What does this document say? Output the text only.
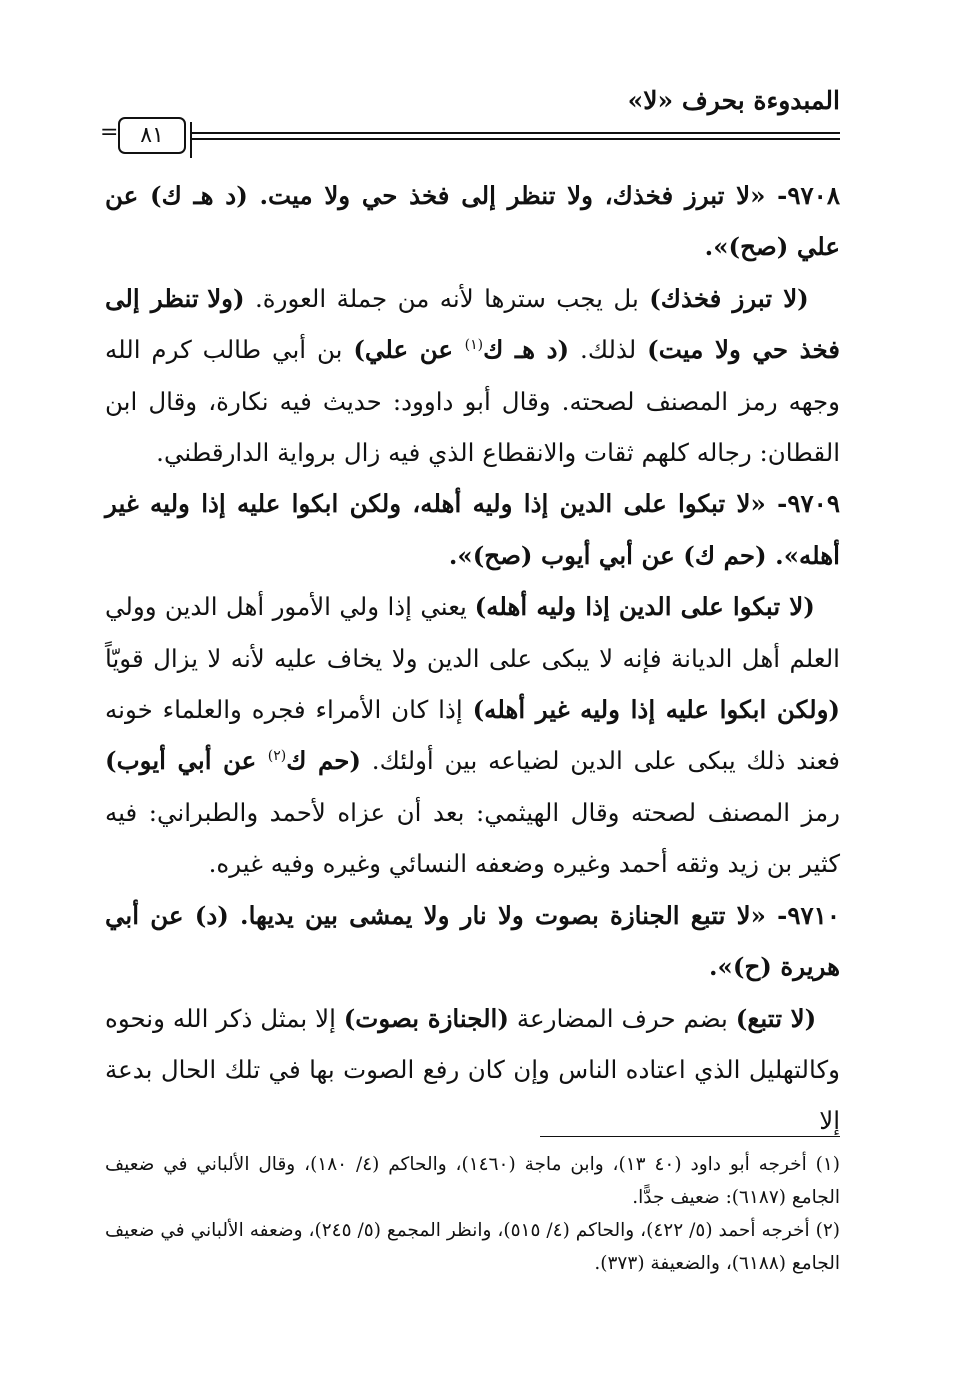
المبدوءة بحرف «لا»
٨١
=

٩٧٠٨- «لا تبرز فخذك، ولا تنظر إلى فخذ حي ولا ميت. (د هـ ك) عن علي (صح)».

(لا تبرز فخذك) بل يجب سترها لأنه من جملة العورة. (ولا تنظر إلى فخذ حي ولا ميت) لذلك. (د هـ ك$^{(١)}$ عن علي) بن أبي طالب كرم الله وجهه رمز المصنف لصحته. وقال أبو داوود: حديث فيه نكارة، وقال ابن القطان: رجاله كلهم ثقات والانقطاع الذي فيه زال برواية الدارقطني.

٩٧٠٩- «لا تبكوا على الدين إذا وليه أهله، ولكن ابكوا عليه إذا وليه غير أهله». (حم ك) عن أبي أيوب (صح)».

(لا تبكوا على الدين إذا وليه أهله) يعني إذا ولي الأمور أهل الدين وولي العلم أهل الديانة فإنه لا يبكى على الدين ولا يخاف عليه لأنه لا يزال قويّاً (ولكن ابكوا عليه إذا وليه غير أهله) إذا كان الأمراء فجره والعلماء خونه فعند ذلك يبكى على الدين لضياعه بين أولئك. (حم ك$^{(٢)}$ عن أبي أيوب) رمز المصنف لصحته وقال الهيثمي: بعد أن عزاه لأحمد والطبراني: فيه كثير بن زيد وثقه أحمد وغيره وضعفه النسائي وغيره وفيه غيره.

٩٧١٠- «لا تتبع الجنازة بصوت ولا نار ولا يمشى بين يديها. (د) عن أبي هريرة (ح)».

(لا تتبع) بضم حرف المضارعة (الجنازة بصوت) إلا بمثل ذكر الله ونحوه وكالتهليل الذي اعتاده الناس وإن كان رفع الصوت بها في تلك الحال بدعة إلا

(١) أخرجه أبو داود (٤٠ ١٣)، وابن ماجة (١٤٦٠)، والحاكم (٤/ ١٨٠)، وقال الألباني في ضعيف الجامع (٦١٨٧): ضعيف جدًّا.

(٢) أخرجه أحمد (٥/ ٤٢٢)، والحاكم (٤/ ٥١٥)، وانظر المجمع (٥/ ٢٤٥)، وضعفه الألباني في ضعيف الجامع (٦١٨٨)، والضعيفة (٣٧٣).
